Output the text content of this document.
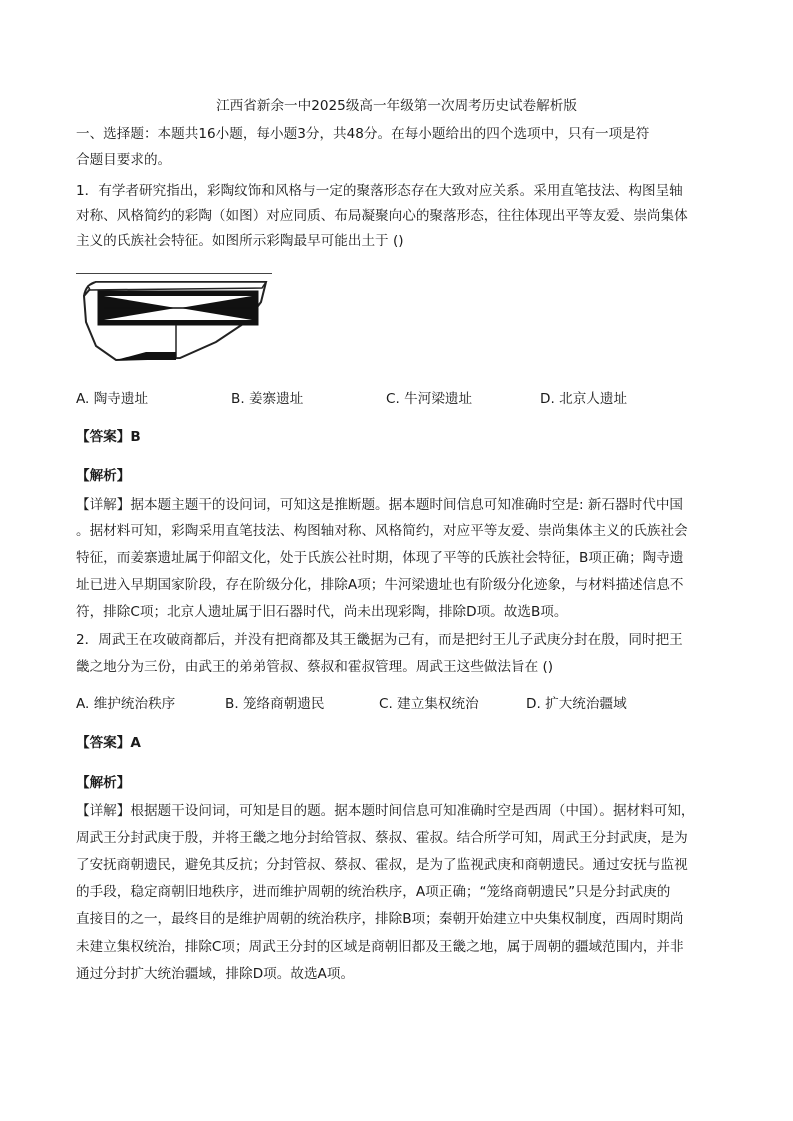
江西省新余一中2025级高一年级第一次周考历史试卷解析版
一、选择题：本题共16小题，每小题3分，共48分。在每小题给出的四个选项中，只有一项是符
合题目要求的。
1．有学者研究指出，彩陶纹饰和风格与一定的聚落形态存在大致对应关系。采用直笔技法、构图呈轴
对称、风格简约的彩陶（如图）对应同质、布局凝聚向心的聚落形态，往往体现出平等友爱、崇尚集体
主义的氏族社会特征。如图所示彩陶最早可能出土于 ()
A. 陶寺遗址	B. 姜寨遗址	C. 牛河梁遗址	D. 北京人遗址
【答案】B
【解析】
【详解】据本题主题干的设问词，可知这是推断题。据本题时间信息可知准确时空是: 新石器时代中国
。据材料可知，彩陶采用直笔技法、构图轴对称、风格简约，对应平等友爱、崇尚集体主义的氏族社会
特征，而姜寨遗址属于仰韶文化，处于氏族公社时期，体现了平等的氏族社会特征，B项正确；陶寺遗
址已进入早期国家阶段，存在阶级分化，排除A项；牛河梁遗址也有阶级分化迹象，与材料描述信息不
符，排除C项；北京人遗址属于旧石器时代，尚未出现彩陶，排除D项。故选B项。
2．周武王在攻破商都后，并没有把商都及其王畿据为己有，而是把纣王儿子武庚分封在殷，同时把王
畿之地分为三份，由武王的弟弟管叔、蔡叔和霍叔管理。周武王这些做法旨在 ()
A. 维护统治秩序	B. 笼络商朝遗民	C. 建立集权统治	D. 扩大统治疆域
【答案】A
【解析】
【详解】根据题干设问词，可知是目的题。据本题时间信息可知准确时空是西周（中国）。据材料可知，
周武王分封武庚于殷，并将王畿之地分封给管叔、蔡叔、霍叔。结合所学可知，周武王分封武庚，是为
了安抚商朝遗民，避免其反抗；分封管叔、蔡叔、霍叔，是为了监视武庚和商朝遗民。通过安抚与监视
的手段，稳定商朝旧地秩序，进而维护周朝的统治秩序，A项正确；“笼络商朝遗民”只是分封武庚的
直接目的之一，最终目的是维护周朝的统治秩序，排除B项；秦朝开始建立中央集权制度，西周时期尚
未建立集权统治，排除C项；周武王分封的区域是商朝旧都及王畿之地，属于周朝的疆域范围内，并非
通过分封扩大统治疆域，排除D项。故选A项。
